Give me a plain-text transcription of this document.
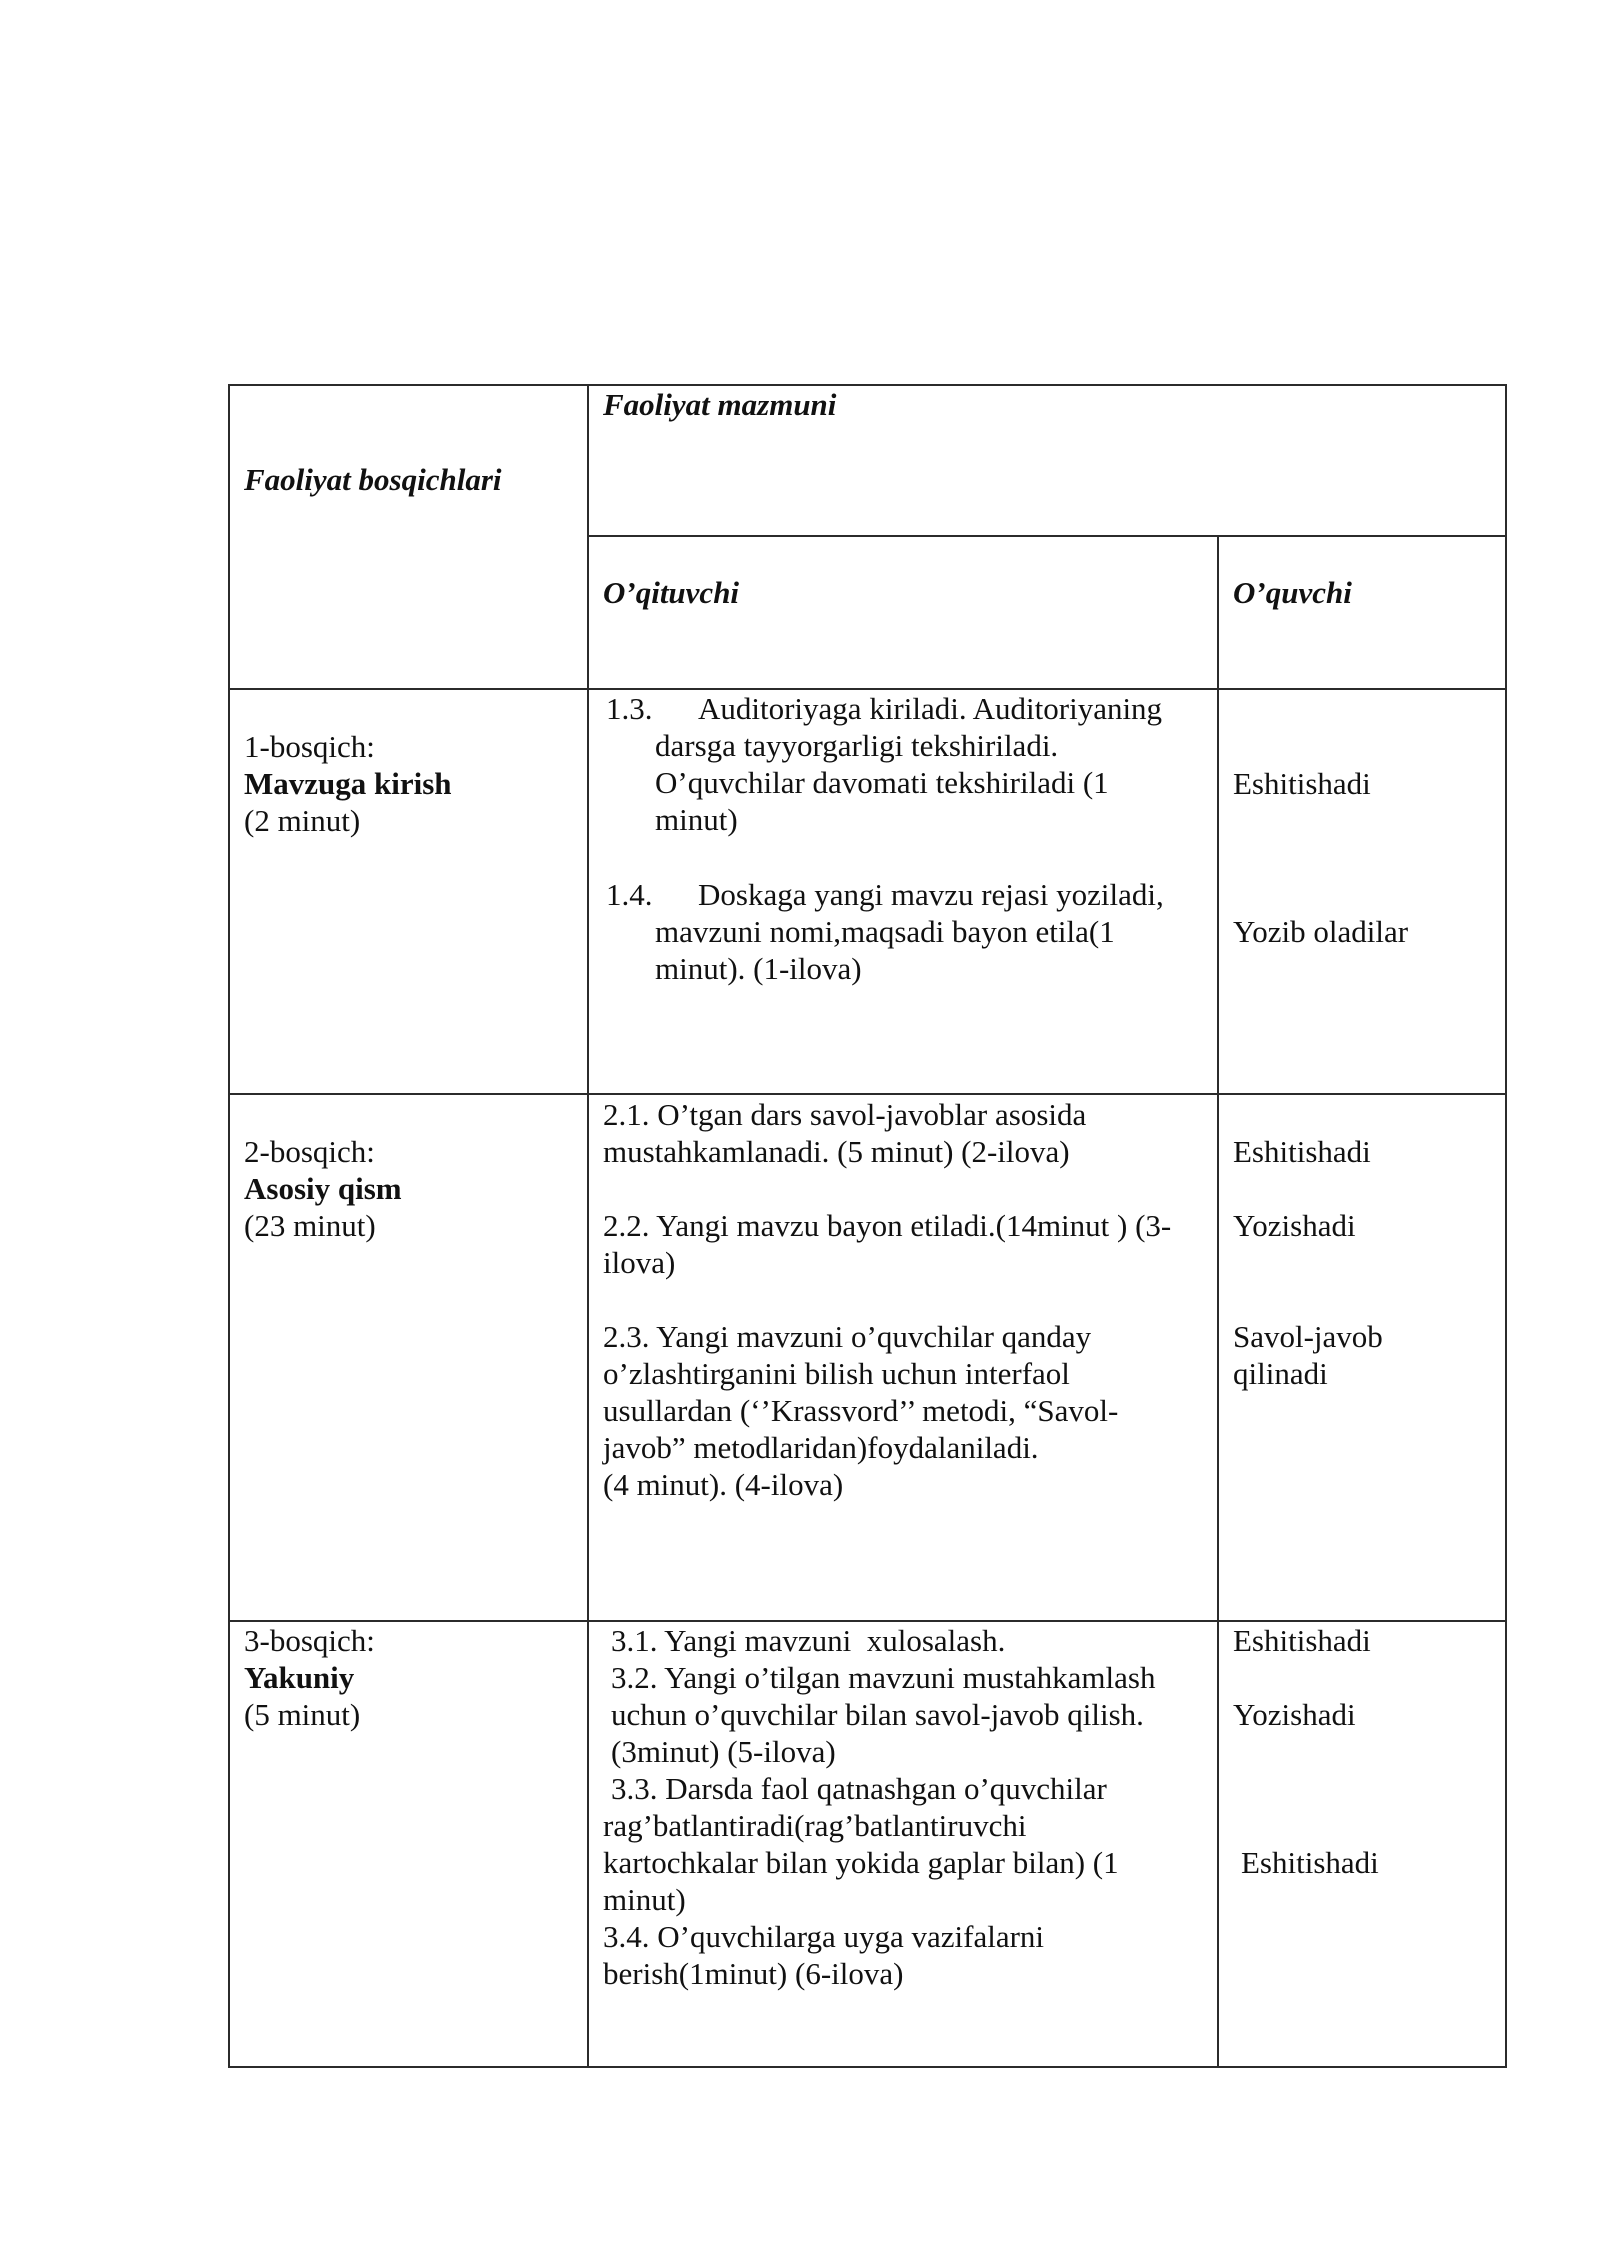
Faoliyat bosqichlari
Faoliyat mazmuni
O’qituvchi	O’quvchi
1-bosqich:
Mavzuga kirish
(2 minut)
1.3. Auditoriyaga kiriladi. Auditoriyaning
darsga tayyorgarligi tekshiriladi.
O’quvchilar davomati tekshiriladi (1
minut)
1.4. Doskaga yangi mavzu rejasi yoziladi,
mavzuni nomi,maqsadi bayon etila(1
minut). (1-ilova)
Eshitishadi
Yozib oladilar
2-bosqich:
Asosiy qism
(23 minut)
2.1. O’tgan dars savol-javoblar asosida
mustahkamlanadi. (5 minut) (2-ilova)
2.2. Yangi mavzu bayon etiladi.(14minut ) (3-
ilova)
2.3. Yangi mavzuni o’quvchilar qanday
o’zlashtirganini bilish uchun interfaol
usullardan (‘’Krassvord’’ metodi, “Savol-
javob” metodlaridan)foydalaniladi.
(4 minut). (4-ilova)
Eshitishadi
Yozishadi
Savol-javob
qilinadi
3-bosqich:
Yakuniy
(5 minut)
3.1. Yangi mavzuni  xulosalash.
3.2. Yangi o’tilgan mavzuni mustahkamlash
uchun o’quvchilar bilan savol-javob qilish.
(3minut) (5-ilova)
3.3. Darsda faol qatnashgan o’quvchilar
rag’batlantiradi(rag’batlantiruvchi
kartochkalar bilan yokida gaplar bilan) (1
minut)
3.4. O’quvchilarga uyga vazifalarni
berish(1minut) (6-ilova)
Eshitishadi
Yozishadi
Eshitishadi
